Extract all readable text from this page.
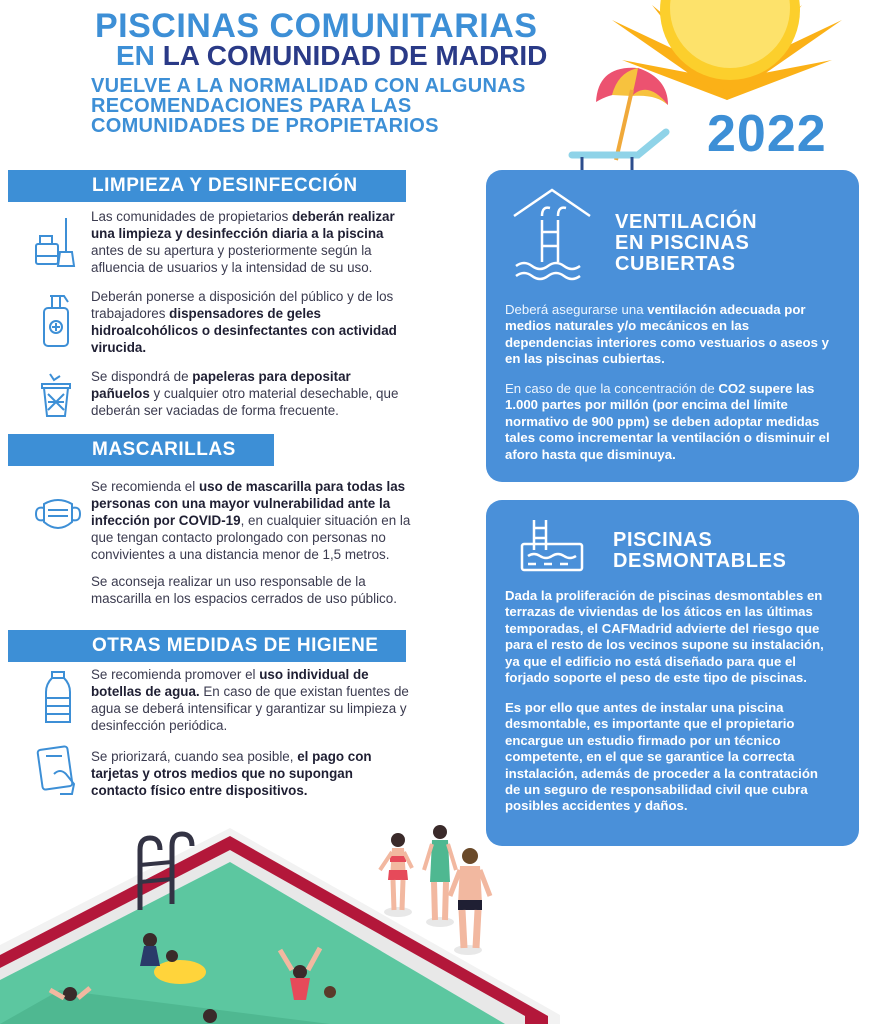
PISCINAS COMUNITARIAS
EN LA COMUNIDAD DE MADRID
VUELVE A LA NORMALIDAD CON ALGUNAS
RECOMENDACIONES PARA LAS
COMUNIDADES DE PROPIETARIOS	2022
LIMPIEZA Y DESINFECCIÓN
Las comunidades de propietarios deberán realizar una limpieza y desinfección diaria a la piscina antes de su apertura y posteriormente según la afluencia de usuarios y la intensidad de su uso.
Deberán ponerse a disposición del público y de los trabajadores dispensadores de geles hidroalcohólicos o desinfectantes con actividad virucida.
Se dispondrá de papeleras para depositar pañuelos y cualquier otro material desechable, que deberán ser vaciadas de forma frecuente.
MASCARILLAS
Se recomienda el uso de mascarilla para todas las personas con una mayor vulnerabilidad ante la infección por COVID-19, en cualquier situación en la que tengan contacto prolongado con personas no convivientes a una distancia menor de 1,5 metros.
Se aconseja realizar un uso responsable de la mascarilla en los espacios cerrados de uso público.
OTRAS MEDIDAS DE HIGIENE
Se recomienda promover el uso individual de botellas de agua. En caso de que existan fuentes de agua se deberá intensificar y garantizar su limpieza y desinfección periódica.
Se priorizará, cuando sea posible, el pago con tarjetas y otros medios que no supongan contacto físico entre dispositivos.
VENTILACIÓN
EN PISCINAS
CUBIERTAS
Deberá asegurarse una ventilación adecuada por medios naturales y/o mecánicos en las dependencias interiores como vestuarios o aseos y en las piscinas cubiertas.
En caso de que la concentración de CO2 supere las 1.000 partes por millón (por encima del límite normativo de 900 ppm) se deben adoptar medidas tales como incrementar la ventilación o disminuir el aforo hasta que disminuya.
PISCINAS
DESMONTABLES
Dada la proliferación de piscinas desmontables en terrazas de viviendas de los áticos en las últimas temporadas, el CAFMadrid advierte del riesgo que para el resto de los vecinos supone su instalación, ya que el edificio no está diseñado para que el forjado soporte el peso de este tipo de piscinas.
Es por ello que antes de instalar una piscina desmontable, es importante que el propietario encargue un estudio firmado por un técnico competente, en el que se garantice la correcta instalación, además de proceder a la contratación de un seguro de responsabilidad civil que cubra posibles accidentes y daños.
